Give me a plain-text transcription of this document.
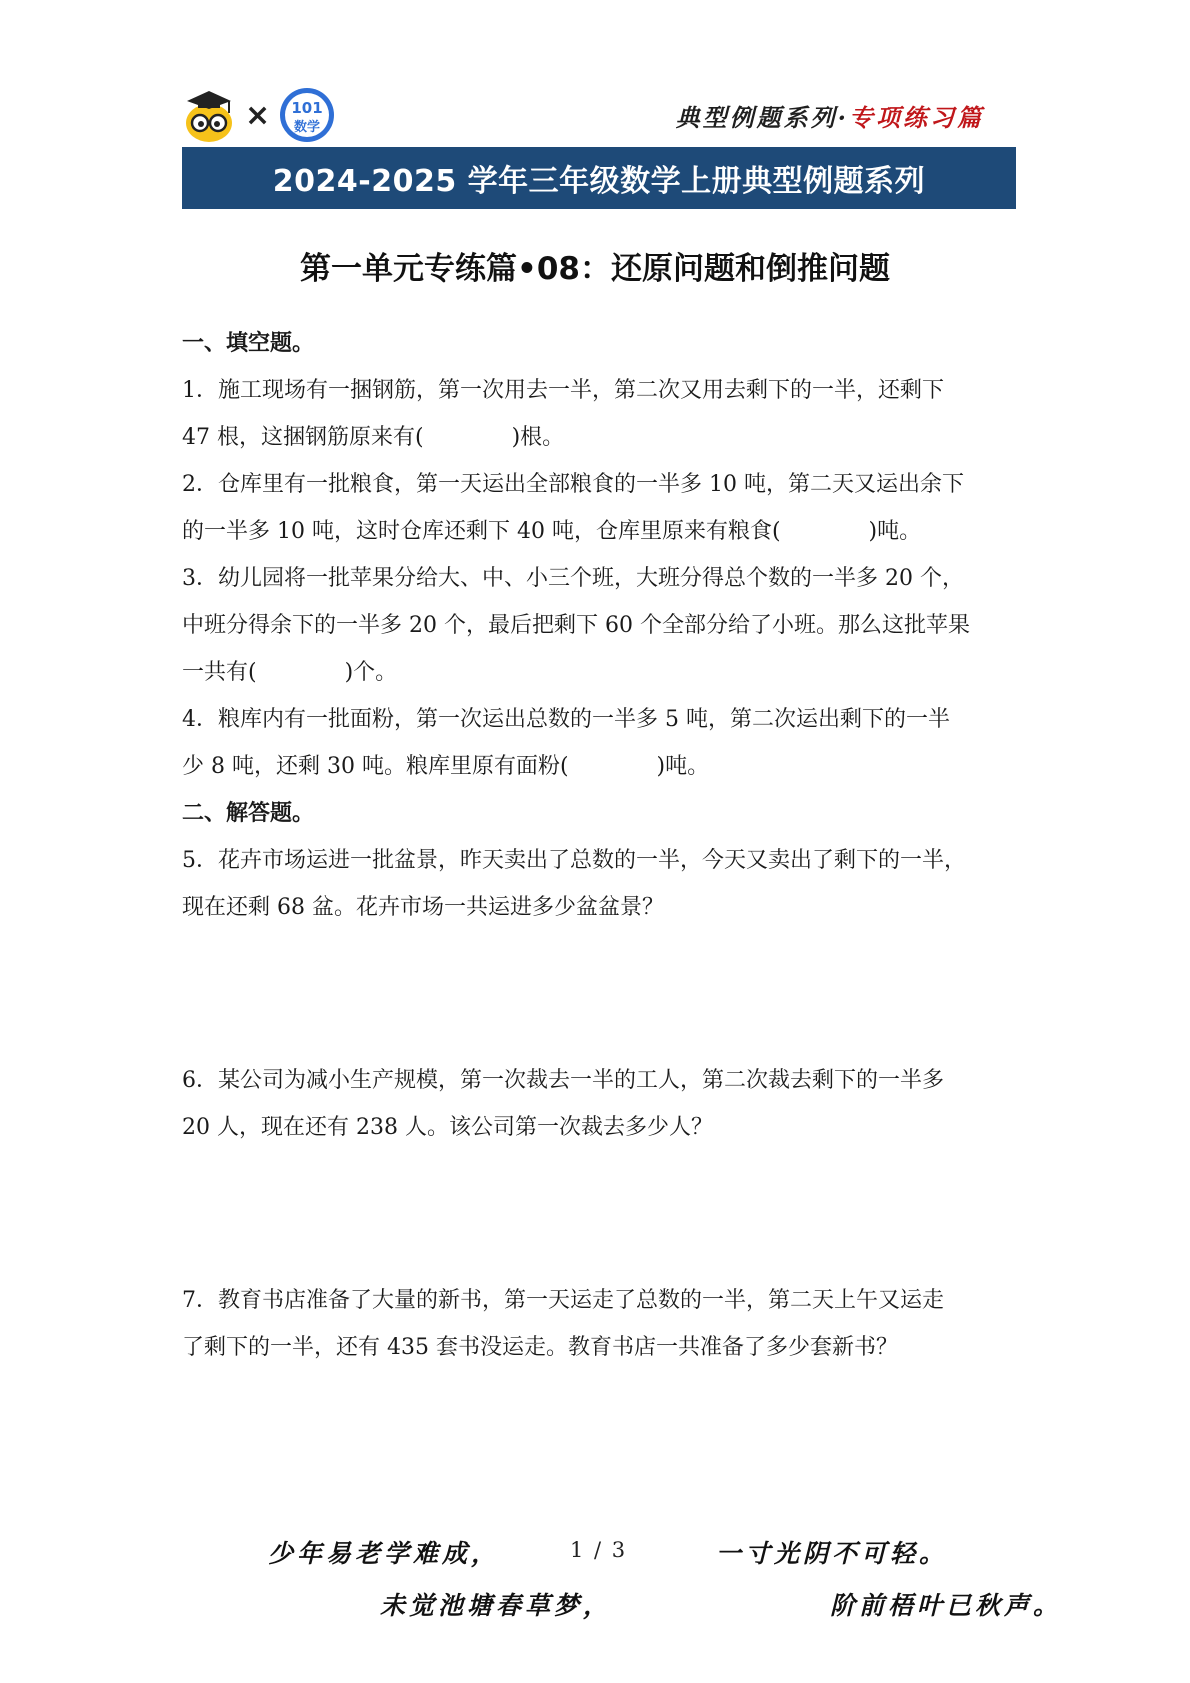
× 101
数学	典型例题系列·专项练习篇
2024-2025 学年三年级数学上册典型例题系列
第一单元专练篇•08：还原问题和倒推问题
一、填空题。

1．施工现场有一捆钢筋，第一次用去一半，第二次又用去剩下的一半，还剩下

47 根，这捆钢筋原来有(　　　　)根。

2．仓库里有一批粮食，第一天运出全部粮食的一半多 10 吨，第二天又运出余下

的一半多 10 吨，这时仓库还剩下 40 吨，仓库里原来有粮食(　　　　)吨。

3．幼儿园将一批苹果分给大、中、小三个班，大班分得总个数的一半多 20 个，

中班分得余下的一半多 20 个，最后把剩下 60 个全部分给了小班。那么这批苹果

一共有(　　　　)个。

4．粮库内有一批面粉，第一次运出总数的一半多 5 吨，第二次运出剩下的一半

少 8 吨，还剩 30 吨。粮库里原有面粉(　　　　)吨。

二、解答题。

5．花卉市场运进一批盆景，昨天卖出了总数的一半，今天又卖出了剩下的一半，

现在还剩 68 盆。花卉市场一共运进多少盆盆景？

6．某公司为减小生产规模，第一次裁去一半的工人，第二次裁去剩下的一半多

20 人，现在还有 238 人。该公司第一次裁去多少人？

7．教育书店准备了大量的新书，第一天运走了总数的一半，第二天上午又运走

了剩下的一半，还有 435 套书没运走。教育书店一共准备了多少套新书？

少年易老学难成，	1 / 3	一寸光阴不可轻。
未觉池塘春草梦，	阶前梧叶已秋声。
